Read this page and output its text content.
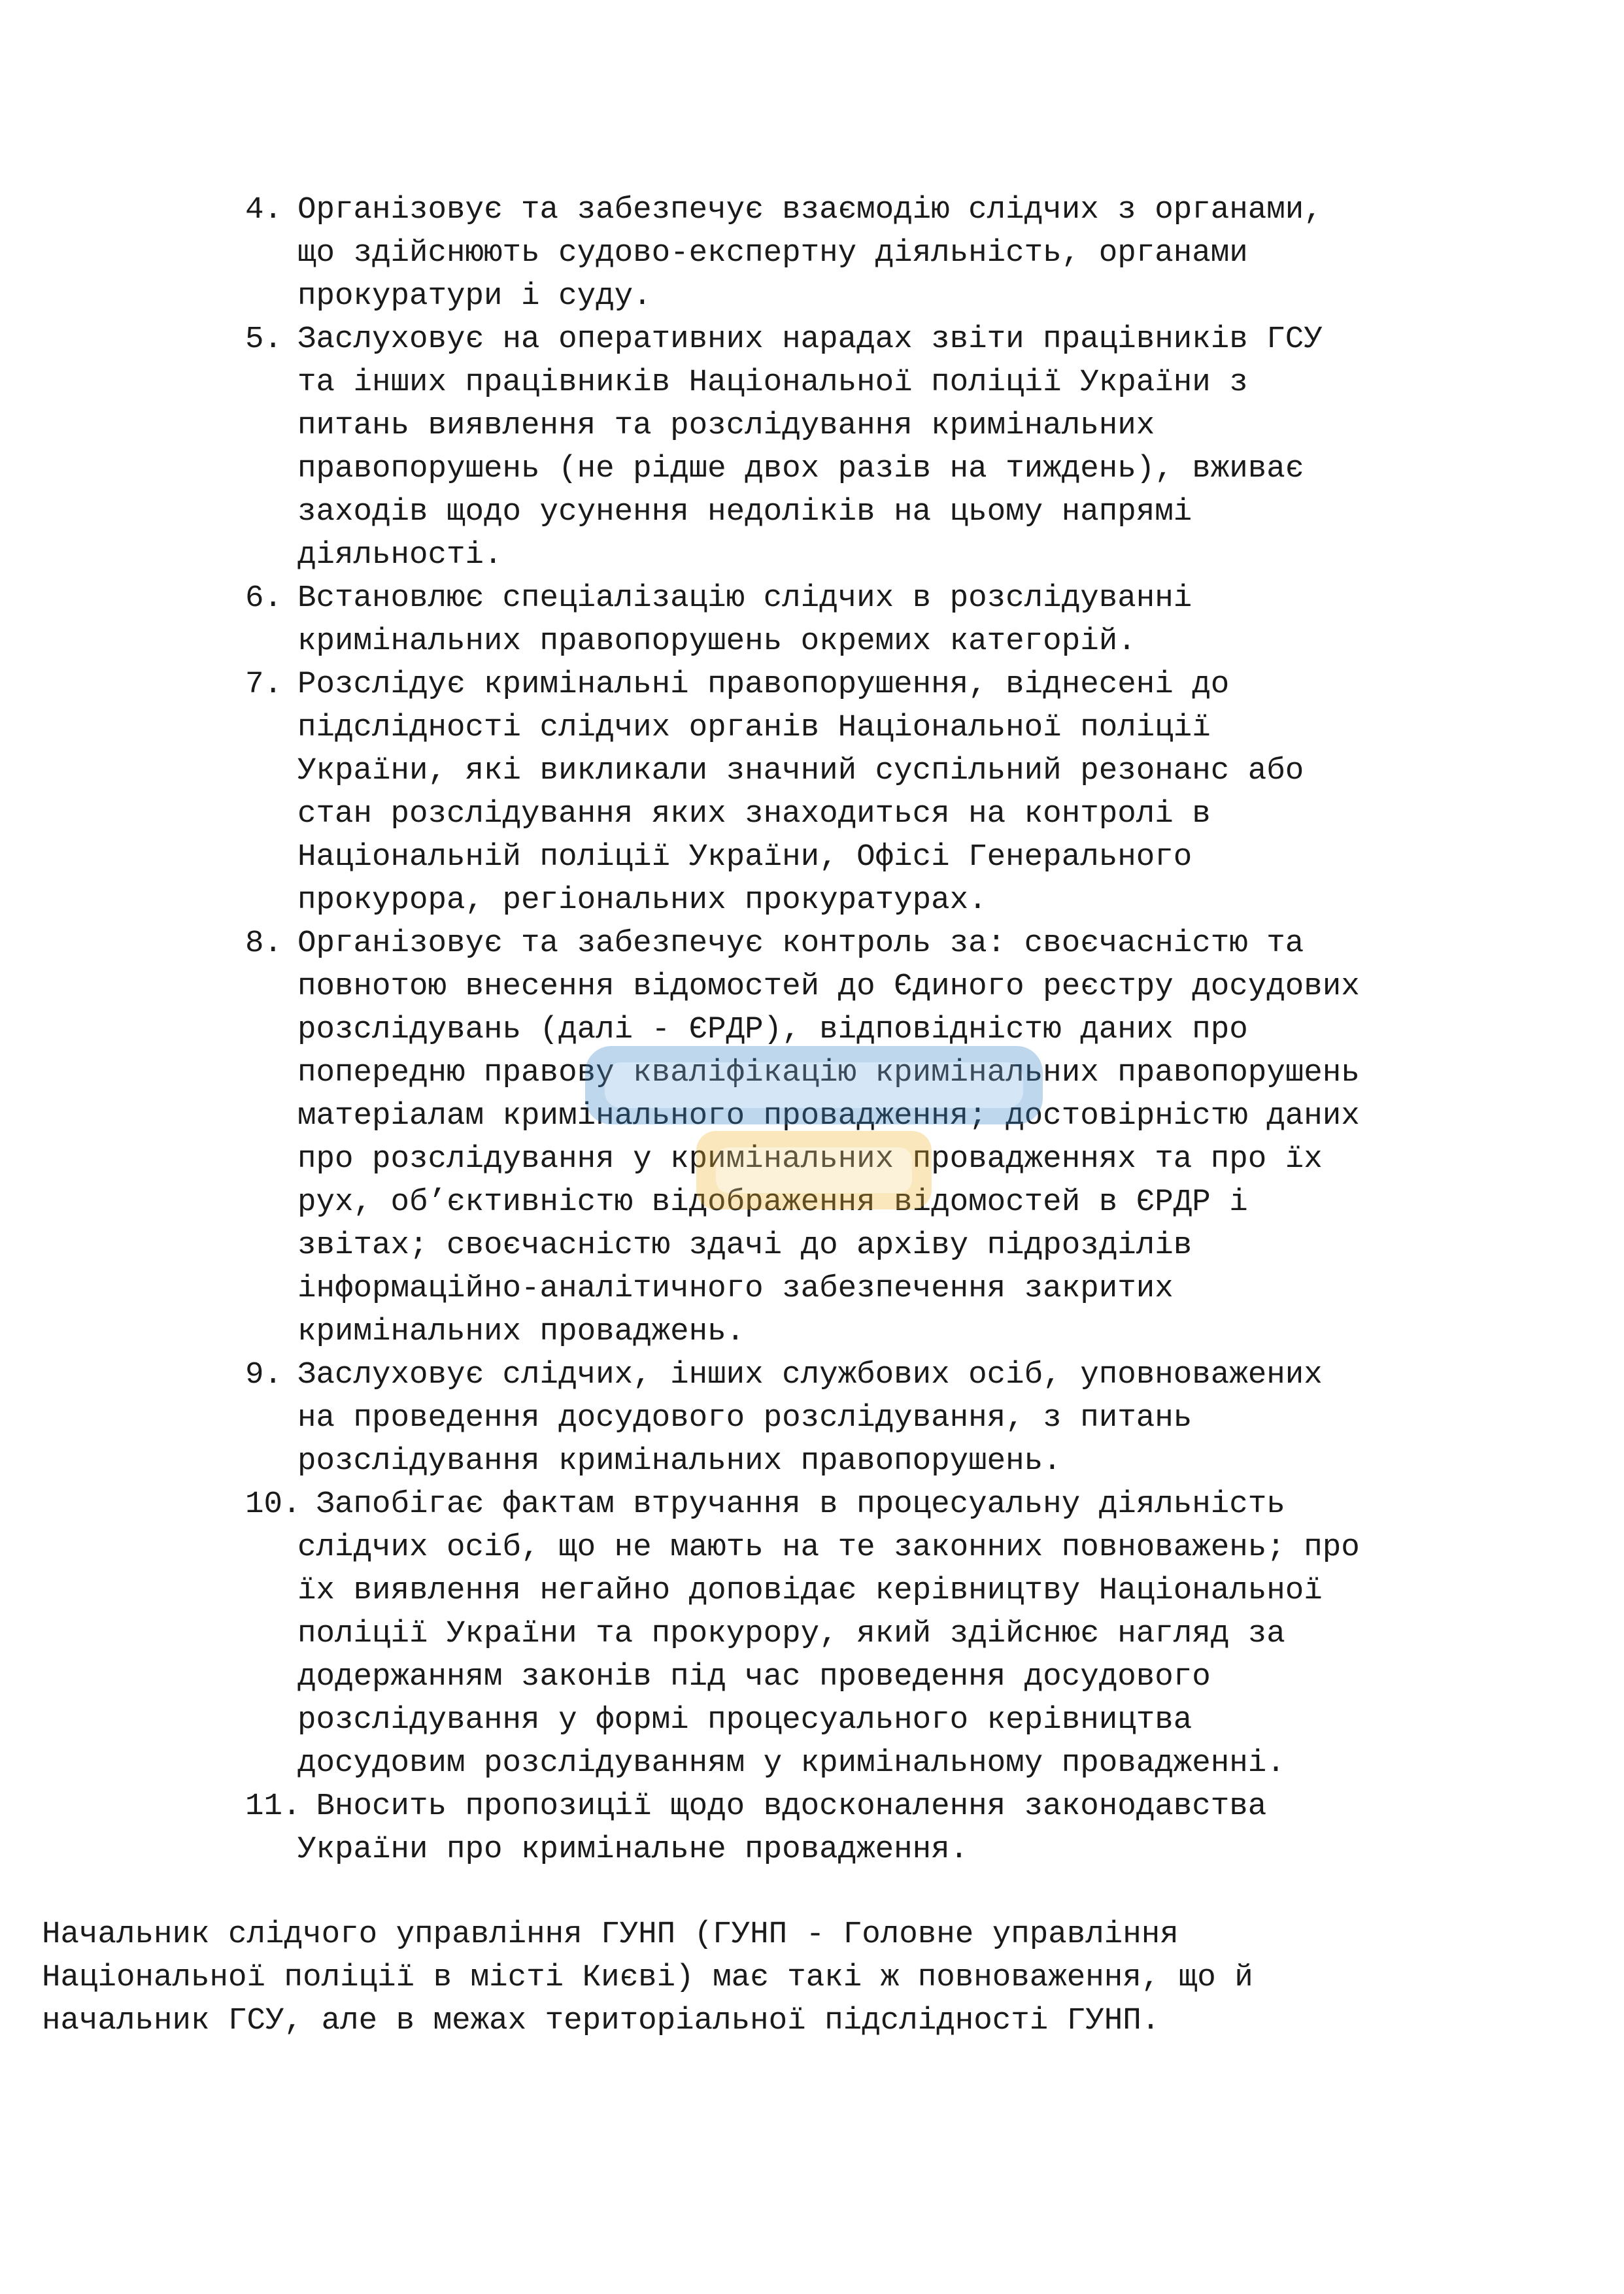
4. Організовує та забезпечує взаємодію слідчих з органами,
що здійснюють судово-експертну діяльність, органами
прокуратури і суду.
5. Заслуховує на оперативних нарадах звіти працівників ГСУ
та інших працівників Національної поліції України з
питань виявлення та розслідування кримінальних
правопорушень (не рідше двох разів на тиждень), вживає
заходів щодо усунення недоліків на цьому напрямі
діяльності.
6. Встановлює спеціалізацію слідчих в розслідуванні
кримінальних правопорушень окремих категорій.
7. Розслідує кримінальні правопорушення, віднесені до
підслідності слідчих органів Національної поліції
України, які викликали значний суспільний резонанс або
стан розслідування яких знаходиться на контролі в
Національній поліції України, Офісі Генерального
прокурора, регіональних прокуратурах.
8. Організовує та забезпечує контроль за: своєчасністю та
повнотою внесення відомостей до Єдиного реєстру досудових
розслідувань (далі - ЄРДР), відповідністю даних про
попередню правову кваліфікацію кримінальних правопорушень
матеріалам кримінального провадження; достовірністю даних
про розслідування у кримінальних провадженнях та про їх
рух, об’єктивністю відображення відомостей в ЄРДР і
звітах; своєчасністю здачі до архіву підрозділів
інформаційно-аналітичного забезпечення закритих
кримінальних проваджень.
9. Заслуховує слідчих, інших службових осіб, уповноважених
на проведення досудового розслідування, з питань
розслідування кримінальних правопорушень.
10.
Запобігає фактам втручання в процесуальну діяльність
слідчих осіб, що не мають на те законних повноважень; про
їх виявлення негайно доповідає керівництву Національної
поліції України та прокурору, який здійснює нагляд за
додержанням законів під час проведення досудового
розслідування у формі процесуального керівництва
досудовим розслідуванням у кримінальному провадженні.
11.
Вносить пропозиції щодо вдосконалення законодавства
України про кримінальне провадження.

Начальник слідчого управління ГУНП (ГУНП - Головне управління
Національної поліції в місті Києві) має такі ж повноваження, що й
начальник ГСУ, але в межах територіальної підслідності ГУНП.
